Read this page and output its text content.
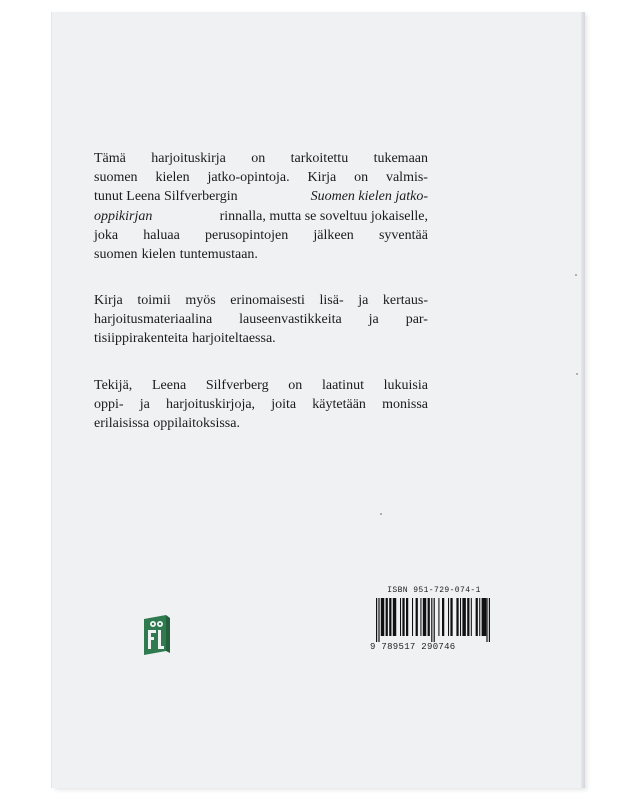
Tämä harjoituskirja on tarkoitettu tukemaan
suomen kielen jatko-opintoja. Kirja on valmis-
tunut Leena Silfverbergin	Suomen kielen jatko-
oppikirjan	rinnalla, mutta se soveltuu jokaiselle,
joka haluaa perusopintojen jälkeen syventää
suomen kielen tuntemustaan.
Kirja toimii myös erinomaisesti lisä- ja kertaus-
harjoitusmateriaalina lauseenvastikkeita ja par-
tisiippirakenteita harjoiteltaessa.
Tekijä, Leena Silfverberg on laatinut lukuisia
oppi- ja harjoituskirjoja, joita käytetään monissa
erilaisissa oppilaitoksissa.
ISBN 951-729-074-1
9 789517 290746
